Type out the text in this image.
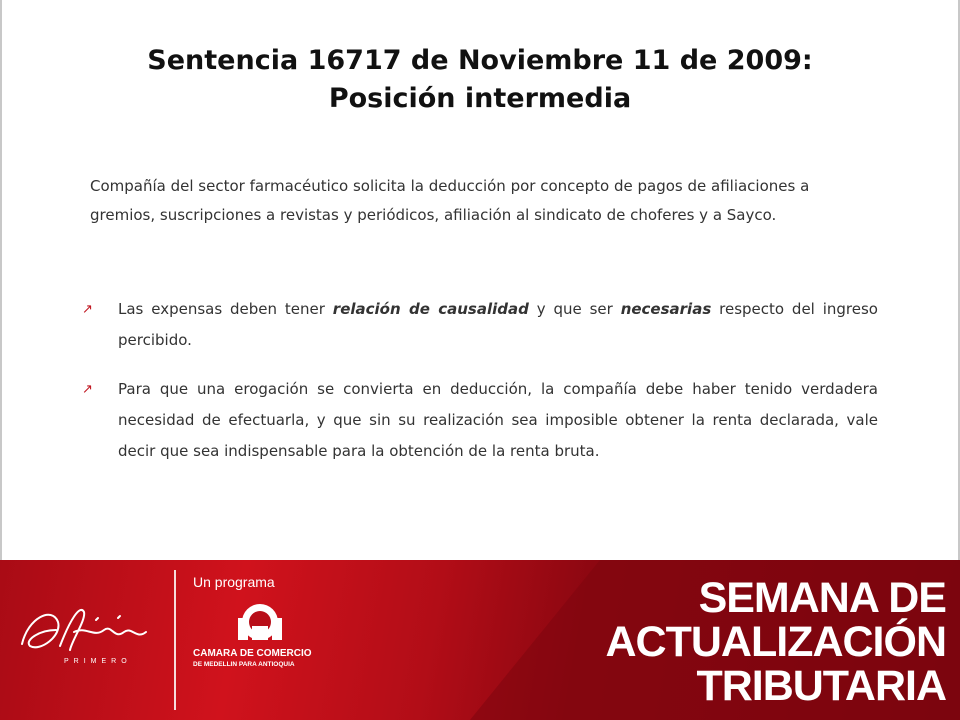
Sentencia 16717 de Noviembre 11 de 2009:
Posición intermedia
Compañía del sector farmacéutico solicita la deducción por concepto de pagos de afiliaciones a gremios, suscripciones a revistas y periódicos, afiliación al sindicato de choferes y a Sayco.
↗ Las expensas deben tener relación de causalidad y que ser necesarias respecto del ingreso percibido.
↗ Para que una erogación se convierta en deducción, la compañía debe haber tenido verdadera necesidad de efectuarla, y que sin su realización sea imposible obtener la renta declarada, vale decir que sea indispensable para la obtención de la renta bruta.
PRIMERO
Un programa
CAMARA DE COMERCIO
DE MEDELLIN PARA ANTIOQUIA
SEMANA DE
ACTUALIZACIÓN
TRIBUTARIA
